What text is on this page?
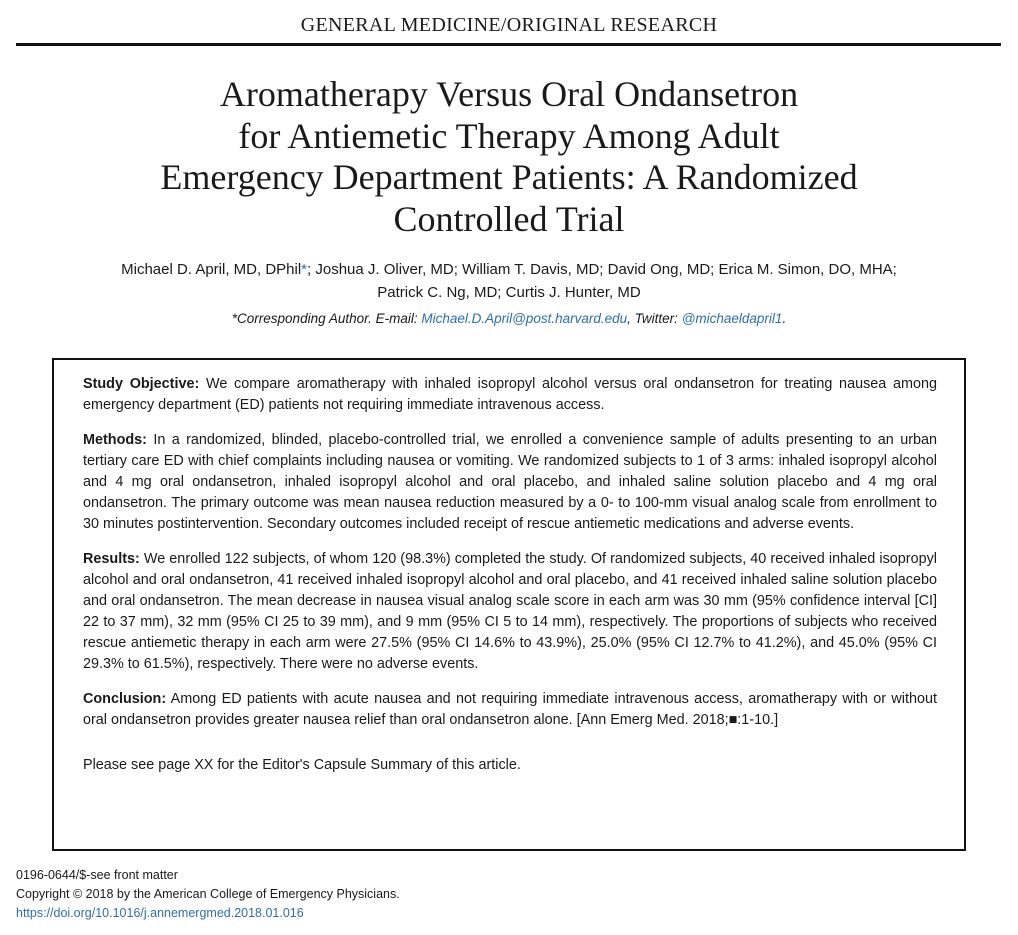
GENERAL MEDICINE/ORIGINAL RESEARCH
Aromatherapy Versus Oral Ondansetron
for Antiemetic Therapy Among Adult
Emergency Department Patients: A Randomized
Controlled Trial
Michael D. April, MD, DPhil*; Joshua J. Oliver, MD; William T. Davis, MD; David Ong, MD; Erica M. Simon, DO, MHA;
Patrick C. Ng, MD; Curtis J. Hunter, MD
*Corresponding Author. E-mail: Michael.D.April@post.harvard.edu, Twitter: @michaeldapril1.

Study Objective: We compare aromatherapy with inhaled isopropyl alcohol versus oral ondansetron for treating nausea among emergency department (ED) patients not requiring immediate intravenous access.

Methods: In a randomized, blinded, placebo-controlled trial, we enrolled a convenience sample of adults presenting to an urban tertiary care ED with chief complaints including nausea or vomiting. We randomized subjects to 1 of 3 arms: inhaled isopropyl alcohol and 4 mg oral ondansetron, inhaled isopropyl alcohol and oral placebo, and inhaled saline solution placebo and 4 mg oral ondansetron. The primary outcome was mean nausea reduction measured by a 0- to 100-mm visual analog scale from enrollment to 30 minutes postintervention. Secondary outcomes included receipt of rescue antiemetic medications and adverse events.

Results: We enrolled 122 subjects, of whom 120 (98.3%) completed the study. Of randomized subjects, 40 received inhaled isopropyl alcohol and oral ondansetron, 41 received inhaled isopropyl alcohol and oral placebo, and 41 received inhaled saline solution placebo and oral ondansetron. The mean decrease in nausea visual analog scale score in each arm was 30 mm (95% confidence interval [CI] 22 to 37 mm), 32 mm (95% CI 25 to 39 mm), and 9 mm (95% CI 5 to 14 mm), respectively. The proportions of subjects who received rescue antiemetic therapy in each arm were 27.5% (95% CI 14.6% to 43.9%), 25.0% (95% CI 12.7% to 41.2%), and 45.0% (95% CI 29.3% to 61.5%), respectively. There were no adverse events.

Conclusion: Among ED patients with acute nausea and not requiring immediate intravenous access, aromatherapy with or without oral ondansetron provides greater nausea relief than oral ondansetron alone. [Ann Emerg Med. 2018;■:1-10.]

Please see page XX for the Editor's Capsule Summary of this article.

0196-0644/$-see front matter
Copyright © 2018 by the American College of Emergency Physicians.
https://doi.org/10.1016/j.annemergmed.2018.01.016
